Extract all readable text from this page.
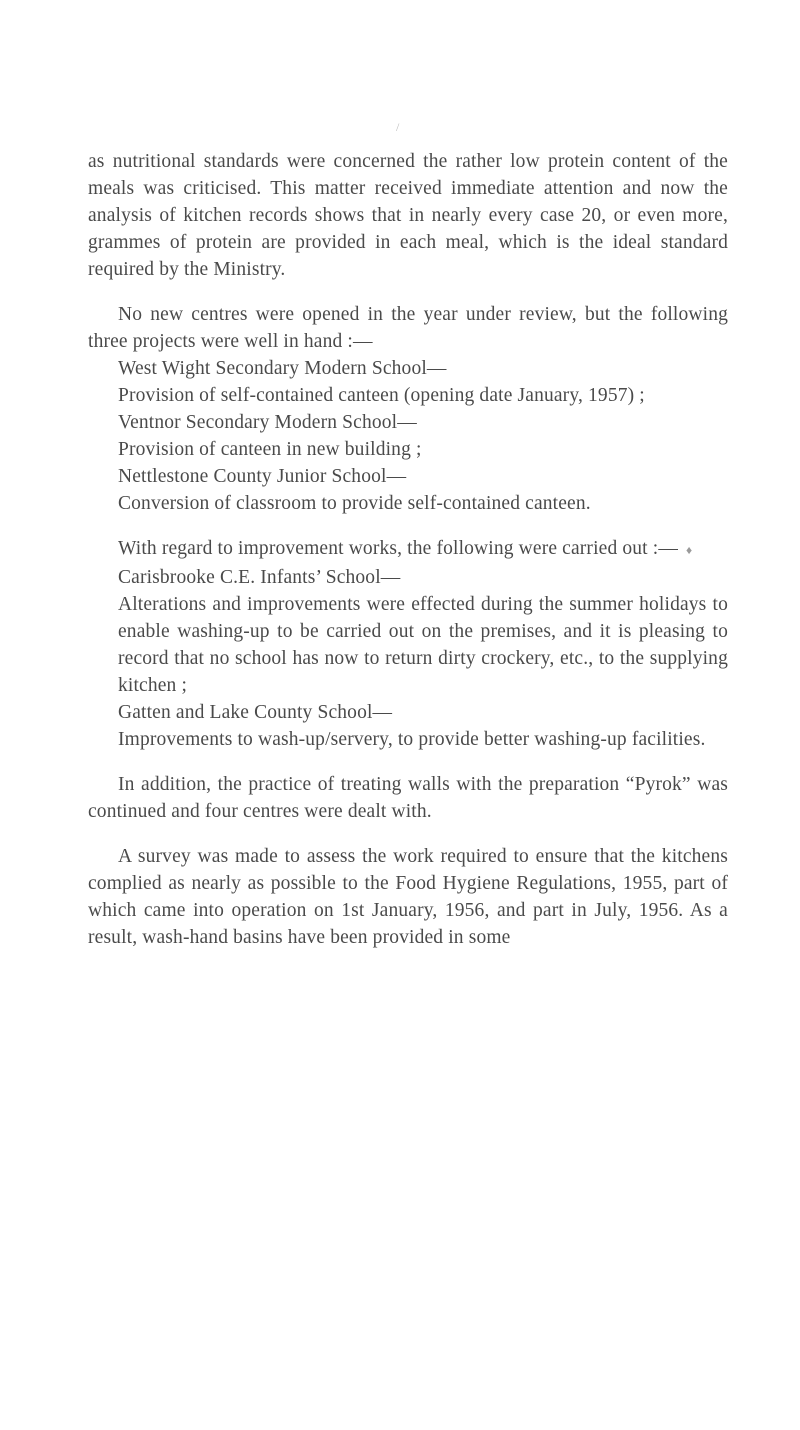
/

as nutritional standards were concerned the rather low protein content of the meals was criticised. This matter received immediate attention and now the analysis of kitchen records shows that in nearly every case 20, or even more, grammes of protein are provided in each meal, which is the ideal standard required by the Ministry.

No new centres were opened in the year under review, but the following three projects were well in hand :—

West Wight Secondary Modern School—

Provision of self-contained canteen (opening date January, 1957) ;

Ventnor Secondary Modern School—

Provision of canteen in new building ;

Nettlestone County Junior School—

Conversion of classroom to provide self-contained canteen.

With regard to improvement works, the following were carried out :— ♦

Carisbrooke C.E. Infants’ School—

Alterations and improvements were effected during the summer holidays to enable washing-up to be carried out on the premises, and it is pleasing to record that no school has now to return dirty crockery, etc., to the supplying kitchen ;

Gatten and Lake County School—

Improvements to wash-up/servery, to provide better washing-up facilities.

In addition, the practice of treating walls with the preparation “Pyrok” was continued and four centres were dealt with.

A survey was made to assess the work required to ensure that the kitchens complied as nearly as possible to the Food Hygiene Regulations, 1955, part of which came into operation on 1st January, 1956, and part in July, 1956. As a result, wash-hand basins have been provided in some
